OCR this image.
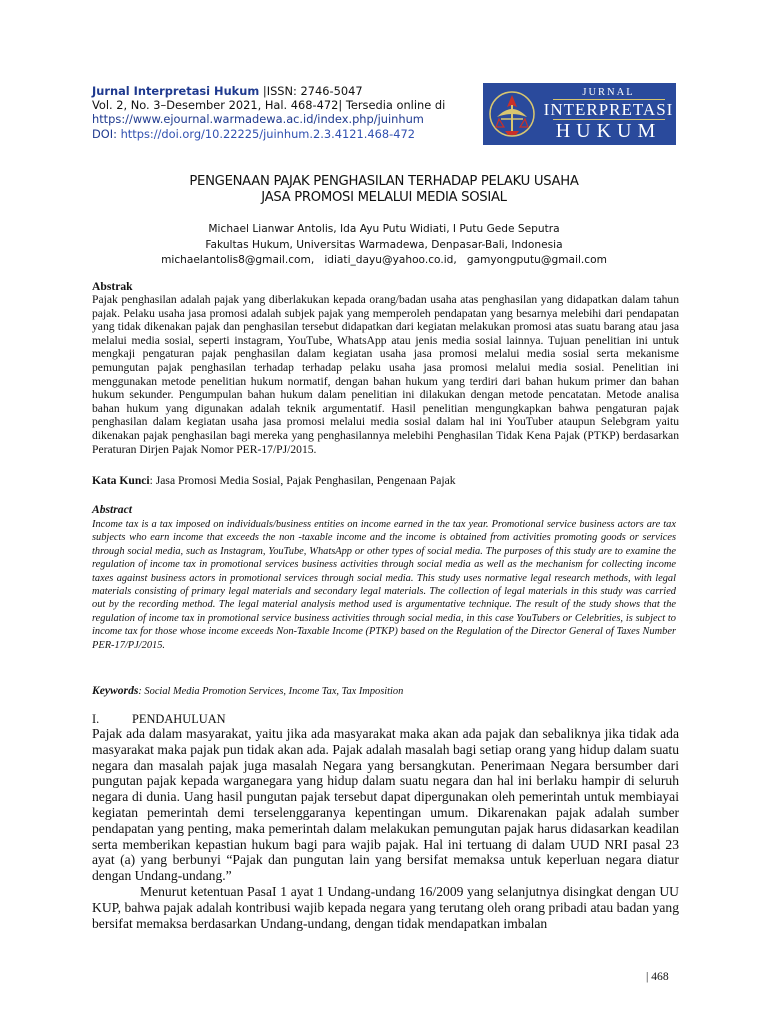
Jurnal Interpretasi Hukum |ISSN: 2746-5047
Vol. 2, No. 3–Desember 2021, Hal. 468-472| Tersedia online di
https://www.ejournal.warmadewa.ac.id/index.php/juinhum
DOI: https://doi.org/10.22225/juinhum.2.3.4121.468-472
JURNAL
INTERPRETASI
HUKUM
PENGENAAN PAJAK PENGHASILAN TERHADAP PELAKU USAHA
JASA PROMOSI MELALUI MEDIA SOSIAL
Michael Lianwar Antolis, Ida Ayu Putu Widiati, I Putu Gede Seputra
Fakultas Hukum, Universitas Warmadewa, Denpasar-Bali, Indonesia
michaelantolis8@gmail.com,   idiati_dayu@yahoo.co.id,   gamyongputu@gmail.com
Abstrak
Pajak penghasilan adalah pajak yang diberlakukan kepada orang/badan usaha atas penghasilan yang didapatkan dalam tahun pajak. Pelaku usaha jasa promosi adalah subjek pajak yang memperoleh pendapatan yang besarnya melebihi dari pendapatan yang tidak dikenakan pajak dan penghasilan tersebut didapatkan dari kegiatan melakukan promosi atas suatu barang atau jasa melalui media sosial, seperti instagram, YouTube, WhatsApp atau jenis media sosial lainnya. Tujuan penelitian ini untuk mengkaji pengaturan pajak penghasilan dalam kegiatan usaha jasa promosi melalui media sosial serta mekanisme pemungutan pajak penghasilan terhadap terhadap pelaku usaha jasa promosi melalui media sosial. Penelitian ini menggunakan metode penelitian hukum normatif, dengan bahan hukum yang terdiri dari bahan hukum primer dan bahan hukum sekunder. Pengumpulan bahan hukum dalam penelitian ini dilakukan dengan metode pencatatan. Metode analisa bahan hukum yang digunakan adalah teknik argumentatif. Hasil penelitian mengungkapkan bahwa pengaturan pajak penghasilan dalam kegiatan usaha jasa promosi melalui media sosial dalam hal ini YouTuber ataupun Selebgram yaitu dikenakan pajak penghasilan bagi mereka yang penghasilannya melebihi Penghasilan Tidak Kena Pajak (PTKP) berdasarkan Peraturan Dirjen Pajak Nomor PER-17/PJ/2015.
Kata Kunci: Jasa Promosi Media Sosial, Pajak Penghasilan, Pengenaan Pajak
Abstract
Income tax is a tax imposed on individuals/business entities on income earned in the tax year. Promotional service business actors are tax subjects who earn income that exceeds the non -taxable income and the income is obtained from activities promoting goods or services through social media, such as Instagram, YouTube, WhatsApp or other types of social media. The purposes of this study are to examine the regulation of income tax in promotional services business activities through social media as well as the mechanism for collecting income taxes against business actors in promotional services through social media. This study uses normative legal research methods, with legal materials consisting of primary legal materials and secondary legal materials. The collection of legal materials in this study was carried out by the recording method. The legal material analysis method used is argumentative technique. The result of the study shows that the regulation of income tax in promotional service business activities through social media, in this case YouTubers or Celebrities, is subject to income tax for those whose income exceeds Non-Taxable Income (PTKP) based on the Regulation of the Director General of Taxes Number PER-17/PJ/2015.
Keywords: Social Media Promotion Services, Income Tax, Tax Imposition
I.	PENDAHULUAN

Pajak ada dalam masyarakat, yaitu jika ada masyarakat maka akan ada pajak dan sebaliknya jika tidak ada masyarakat maka pajak pun tidak akan ada. Pajak adalah masalah bagi setiap orang yang hidup dalam suatu negara dan masalah pajak juga masalah Negara yang bersangkutan. Penerimaan Negara bersumber dari pungutan pajak kepada warganegara yang hidup dalam suatu negara dan hal ini berlaku hampir di seluruh negara di dunia. Uang hasil pungutan pajak tersebut dapat dipergunakan oleh pemerintah untuk membiayai kegiatan pemerintah demi terselenggaranya kepentingan umum. Dikarenakan pajak adalah sumber pendapatan yang penting, maka pemerintah dalam melakukan pemungutan pajak harus didasarkan keadilan serta memberikan kepastian hukum bagi para wajib pajak. Hal ini tertuang di dalam UUD NRI pasal 23 ayat (a) yang berbunyi “Pajak dan pungutan lain yang bersifat memaksa untuk keperluan negara diatur dengan Undang-undang.”

Menurut ketentuan PasaI 1 ayat 1 Undang-undang 16/2009 yang selanjutnya disingkat dengan UU KUP, bahwa pajak adalah kontribusi wajib kepada negara yang terutang oleh orang pribadi atau badan yang bersifat memaksa berdasarkan Undang-undang, dengan tidak mendapatkan imbalan

| 468
